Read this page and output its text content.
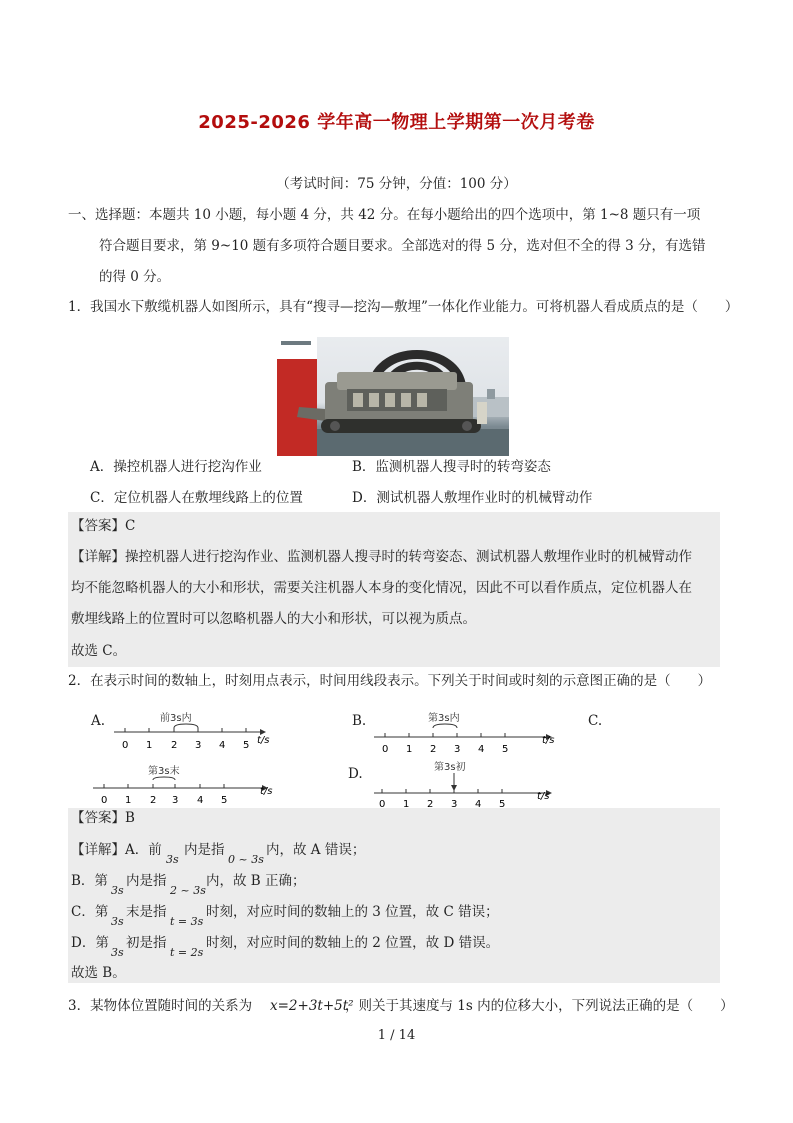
2025-2026 学年高一物理上学期第一次月考卷
（考试时间：75 分钟，分值：100 分）
一、选择题：本题共 10 小题，每小题 4 分，共 42 分。在每小题给出的四个选项中，第 1~8 题只有一项
符合题目要求，第 9~10 题有多项符合题目要求。全部选对的得 5 分，选对但不全的得 3 分，有选错
的得 0 分。
1．我国水下敷缆机器人如图所示，具有“搜寻—挖沟—敷埋”一体化作业能力。可将机器人看成质点的是（　　）
A．操控机器人进行挖沟作业	B．监测机器人搜寻时的转弯姿态
C．定位机器人在敷埋线路上的位置	D．测试机器人敷埋作业时的机械臂动作
【答案】C
【详解】操控机器人进行挖沟作业、监测机器人搜寻时的转弯姿态、测试机器人敷埋作业时的机械臂动作
均不能忽略机器人的大小和形状，需要关注机器人本身的变化情况，因此不可以看作质点，定位机器人在
敷埋线路上的位置时可以忽略机器人的大小和形状，可以视为质点。
故选 C。
2．在表示时间的数轴上，时刻用点表示，时间用线段表示。下列关于时间或时刻的示意图正确的是（　　）
A.	前3s内
0 1 2 3 4 5 t/s
B.	第3s内
0 1 2 3 4 5
t/s
C.
第3s末
0 1 2 3 4 5
t/s
D.	第3s初
0 1 2 3 4 5
t/s
【答案】B
【详解】A．前
3s
内是指
0 ~ 3s
内，故 A 错误；
B．第
3s
内是指
2 ~ 3s
内，故 B 正确；
C．第
3s
末是指
t = 3s
时刻，对应时间的数轴上的 3 位置，故 C 错误；
D．第
3s
初是指
t = 2s
时刻，对应时间的数轴上的 2 位置，故 D 错误。
故选 B。
3．某物体位置随时间的关系为 x=2+3t+5t²
，则关于其速度与 1s 内的位移大小，下列说法正确的是（　　）
1 / 14
